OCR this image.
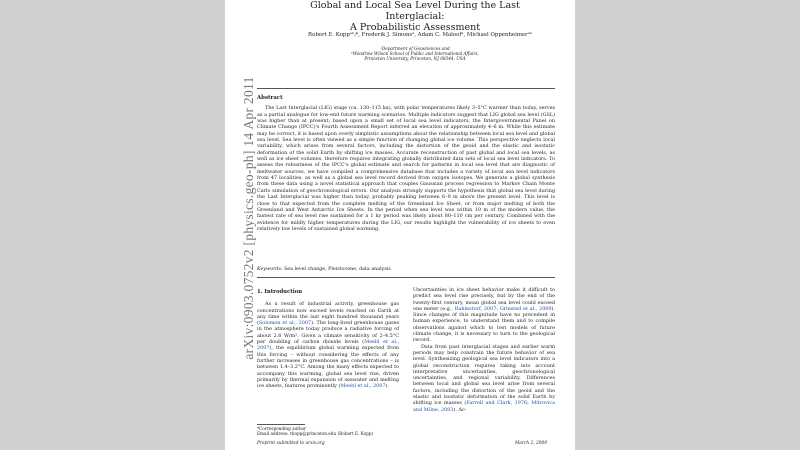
arXiv:0903.0752v2 [physics.geo-ph] 14 Apr 2011
Global and Local Sea Level During the Last Interglacial:
A Probabilistic Assessment
Robert E. Koppᵃᵇⱼ*, Frederik J. Simonsᵃ, Adam C. Maloofᵃ, Michael Oppenheimerᵃᵇ
ᵃDepartment of Geosciences and
ᵇWoodrow Wilson School of Public and International Affairs,
Princeton University, Princeton, NJ 08544, USA
Abstract
The Last Interglacial (LIG) stage (ca. 130–115 ka), with polar temperatures likely 3–5°C warmer than today, serves as a partial analogue for low-end future warming scenarios. Multiple indicators suggest that LIG global sea level (GSL) was higher than at present; based upon a small set of local sea level indicators, the Intergovernmental Panel on Climate Change (IPCC)'s Fourth Assessment Report inferred an elevation of approximately 4–6 m. While this estimate may be correct, it is based upon overly simplistic assumptions about the relationship between local sea level and global sea level. Sea level is often viewed as a simple function of changing global ice volume. This perspective neglects local variability, which arises from several factors, including the distortion of the geoid and the elastic and isostatic deformation of the solid Earth by shifting ice masses. Accurate reconstruction of past global and local sea levels, as well as ice sheet volumes, therefore requires integrating globally distributed data sets of local sea level indicators. To assess the robustness of the IPCC's global estimate and search for patterns in local sea level that are diagnostic of meltwater sources, we have compiled a comprehensive database that includes a variety of local sea level indicators from 47 localities, as well as a global sea level record derived from oxygen isotopes. We generate a global synthesis from these data using a novel statistical approach that couples Gaussian process regression to Markov Chain Monte Carlo simulation of geochronological errors. Our analysis strongly supports the hypothesis that global sea level during the Last Interglacial was higher than today, probably peaking between 6–9 m above the present level. This level is close to that expected from the complete melting of the Greenland Ice Sheet, or from major melting of both the Greenland and West Antarctic Ice Sheets. In the period when sea level was within 10 m of the modern value, the fastest rate of sea level rise sustained for a 1 ky period was likely about 80–110 cm per century. Combined with the evidence for mildly higher temperatures during the LIG, our results highlight the vulnerability of ice sheets to even relatively low levels of sustained global warming.
Keywords: Sea level change, Pleistocene, data analysis
1. Introduction

As a result of industrial activity, greenhouse gas concentrations now exceed levels reached on Earth at any time within the last eight hundred thousand years (Solomon et al., 2007). The long-lived greenhouse gases in the atmosphere today produce a radiative forcing of about 2.6 W/m². Given a climate sensitivity of 2–4.5°C per doubling of carbon dioxide levels (Meehl et al., 2007), the equilibrium global warming expected from this forcing – without considering the effects of any further increases in greenhouse gas concentrations – is between 1.4–3.2°C. Among the many effects expected to accompany this warming, global sea level rise, driven primarily by thermal expansion of seawater and melting ice sheets, features prominently (Meehl et al., 2007).

Uncertainties in ice sheet behavior make it difficult to predict sea level rise precisely, but by the end of the twenty-first century, mean global sea level could exceed one meter (e.g., Rahmstorf, 2007; Grinsted et al., 2009). Since changes of this magnitude have no precedent in human experience, to understand them and to compile observations against which to test models of future climate change, it is necessary to turn to the geological record.

Data from past interglacial stages and earlier warm periods may help constrain the future behavior of sea level. Synthesizing geological sea level indicators into a global reconstruction requires taking into account interpretative uncertainties, geochronological uncertainties, and regional variability. Differences between local and global sea level arise from several factors, including the distortion of the geoid and the elastic and isostatic deformation of the solid Earth by shifting ice masses (Farrell and Clark, 1976; Mitrovica and Milne, 2003). Ac-

*Corresponding author
Email address: rkopp@princeton.edu (Robert E. Kopp)
Preprint submitted to arxiv.org	March 2, 2009
